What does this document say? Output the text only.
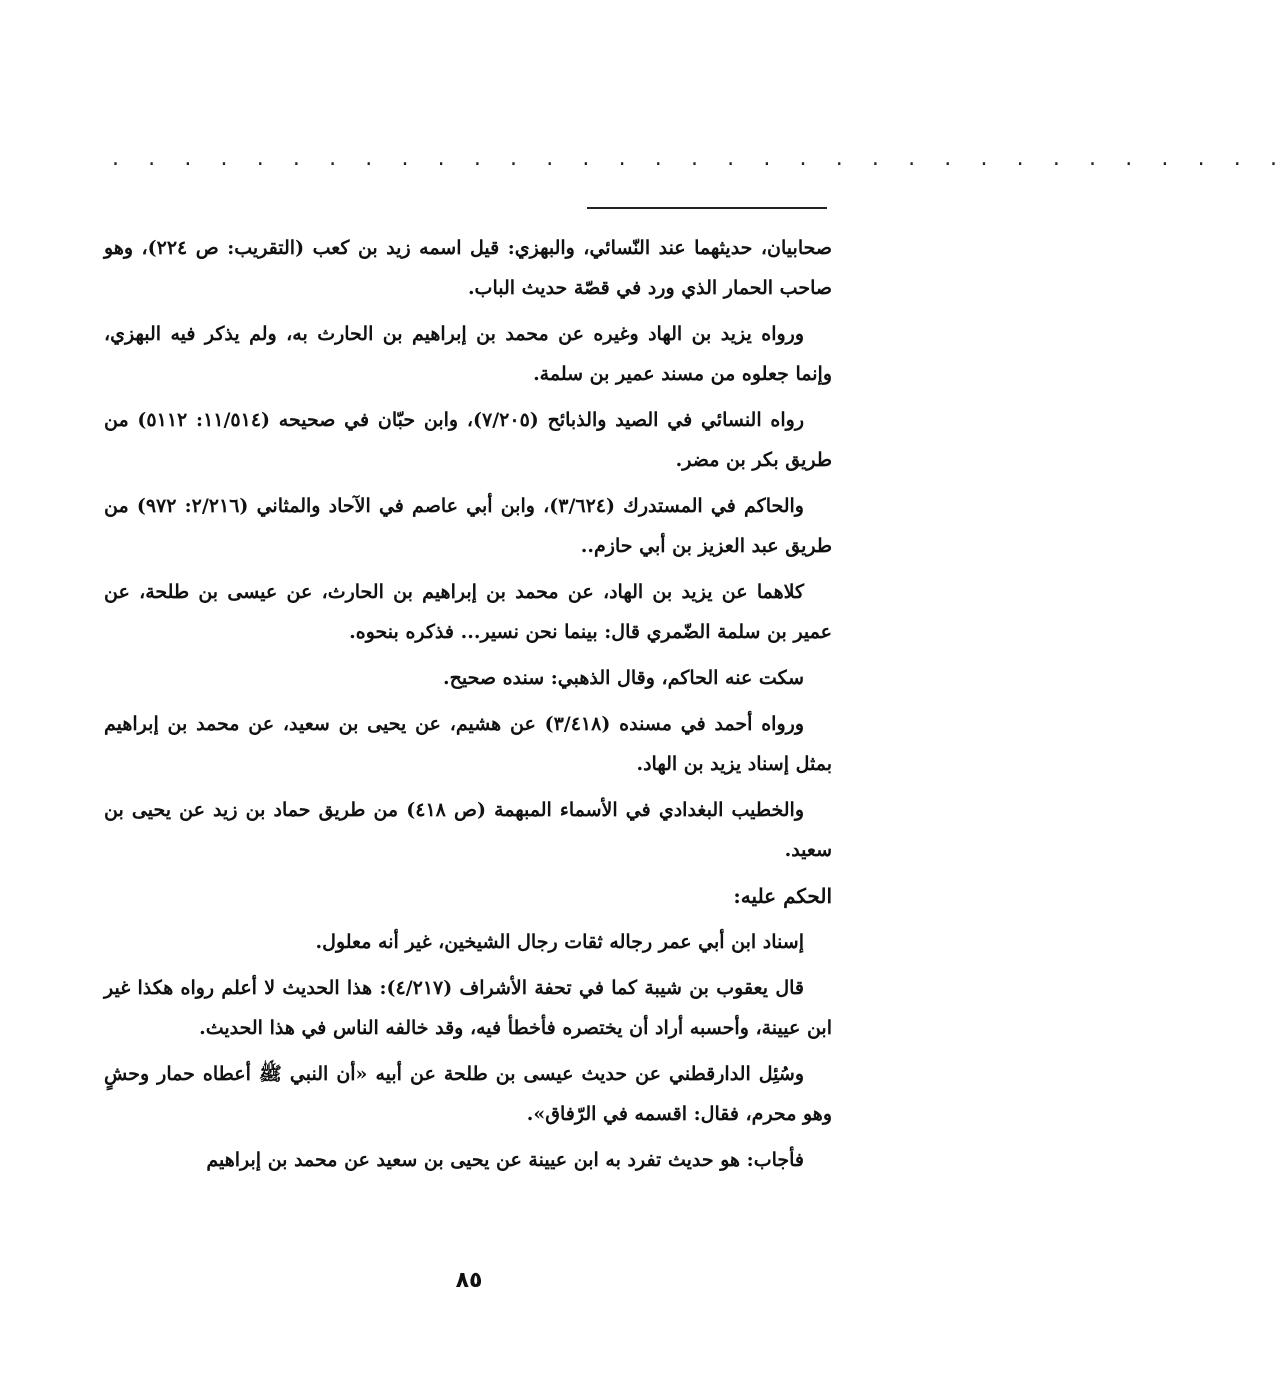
. . . . . . . . . . . . . . . . . . . . . . . . . . . . . . . . .

صحابيان، حديثهما عند النّسائي، والبهزي: قيل اسمه زيد بن كعب (التقريب: ص ٢٢٤)، وهو صاحب الحمار الذي ورد في قصّة حديث الباب.

ورواه يزيد بن الهاد وغيره عن محمد بن إبراهيم بن الحارث به، ولم يذكر فيه البهزي، وإنما جعلوه من مسند عمير بن سلمة.

رواه النسائي في الصيد والذبائح (٧/٢٠٥)، وابن حبّان في صحيحه (١١/٥١٤: ٥١١٢) من طريق بكر بن مضر.

والحاكم في المستدرك (٣/٦٢٤)، وابن أبي عاصم في الآحاد والمثاني (٢/٢١٦: ٩٧٢) من طريق عبد العزيز بن أبي حازم..

كلاهما عن يزيد بن الهاد، عن محمد بن إبراهيم بن الحارث، عن عيسى بن طلحة، عن عمير بن سلمة الضّمري قال: بينما نحن نسير... فذكره بنحوه.

سكت عنه الحاكم، وقال الذهبي: سنده صحيح.

ورواه أحمد في مسنده (٣/٤١٨) عن هشيم، عن يحيى بن سعيد، عن محمد بن إبراهيم بمثل إسناد يزيد بن الهاد.

والخطيب البغدادي في الأسماء المبهمة (ص ٤١٨) من طريق حماد بن زيد عن يحيى بن سعيد.

الحكم عليه:

إسناد ابن أبي عمر رجاله ثقات رجال الشيخين، غير أنه معلول.

قال يعقوب بن شيبة كما في تحفة الأشراف (٤/٢١٧): هذا الحديث لا أعلم رواه هكذا غير ابن عيينة، وأحسبه أراد أن يختصره فأخطأ فيه، وقد خالفه الناس في هذا الحديث.

وسُئِل الدارقطني عن حديث عيسى بن طلحة عن أبيه «أن النبي ﷺ أعطاه حمار وحشٍ وهو محرم، فقال: اقسمه في الرّفاق».

فأجاب: هو حديث تفرد به ابن عيينة عن يحيى بن سعيد عن محمد بن إبراهيم

٨٥
